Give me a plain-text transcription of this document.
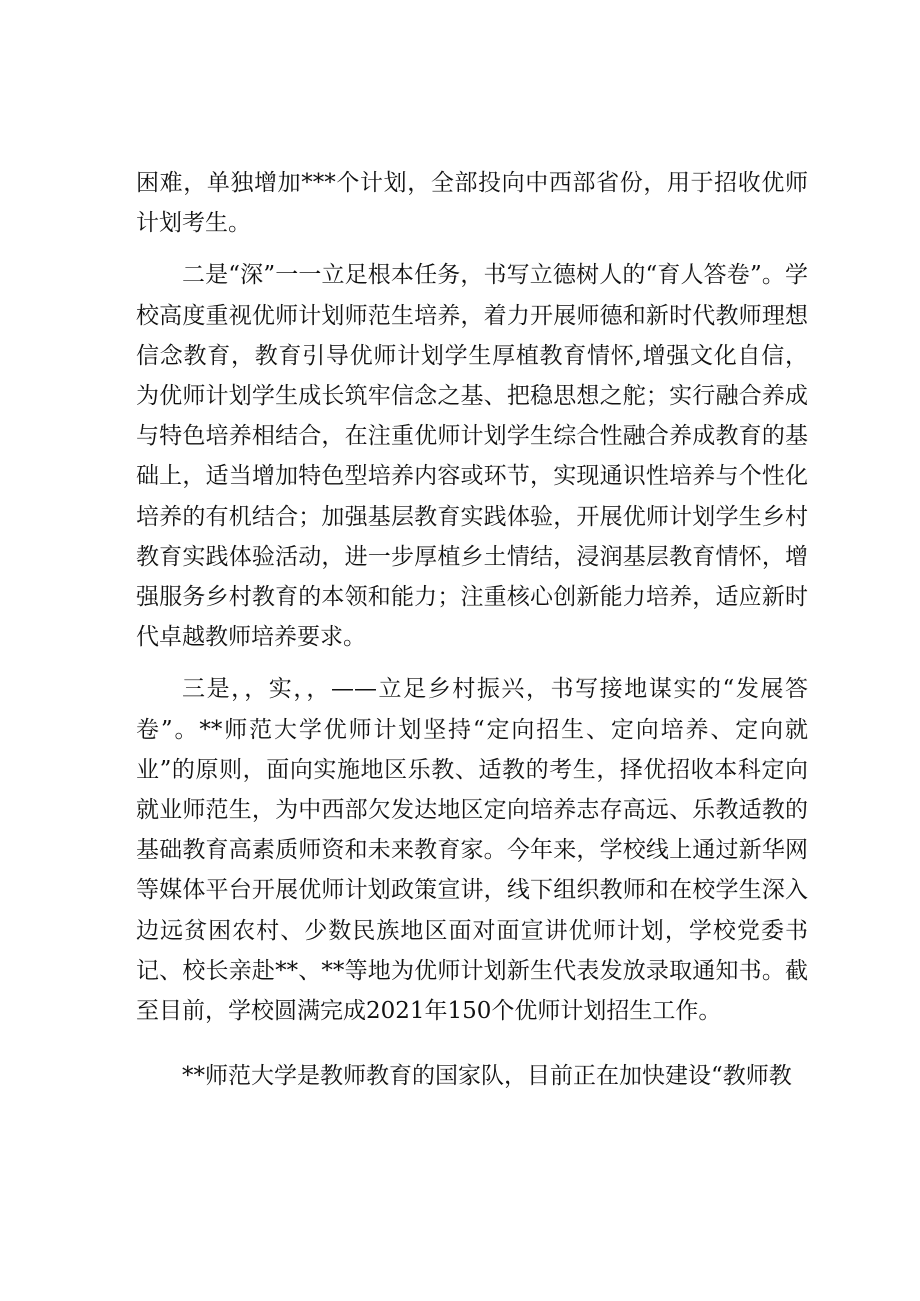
困难，单独增加***个计划，全部投向中西部省份，用于招收优师计划考生。

二是“深”一一立足根本任务，书写立德树人的“育人答卷”。学校高度重视优师计划师范生培养，着力开展师德和新时代教师理想信念教育，教育引导优师计划学生厚植教育情怀,增强文化自信，为优师计划学生成长筑牢信念之基、把稳思想之舵；实行融合养成与特色培养相结合，在注重优师计划学生综合性融合养成教育的基础上，适当增加特色型培养内容或环节，实现通识性培养与个性化培养的有机结合；加强基层教育实践体验，开展优师计划学生乡村教育实践体验活动，进一步厚植乡土情结，浸润基层教育情怀，增强服务乡村教育的本领和能力；注重核心创新能力培养，适应新时代卓越教师培养要求。

三是，，实，，——立足乡村振兴，书写接地谋实的“发展答卷”。**师范大学优师计划坚持“定向招生、定向培养、定向就业”的原则，面向实施地区乐教、适教的考生，择优招收本科定向就业师范生，为中西部欠发达地区定向培养志存高远、乐教适教的基础教育高素质师资和未来教育家。今年来，学校线上通过新华网等媒体平台开展优师计划政策宣讲，线下组织教师和在校学生深入边远贫困农村、少数民族地区面对面宣讲优师计划，学校党委书记、校长亲赴**、**等地为优师计划新生代表发放录取通知书。截至目前，学校圆满完成2021年150个优师计划招生工作。

**师范大学是教师教育的国家队，目前正在加快建设“教师教
